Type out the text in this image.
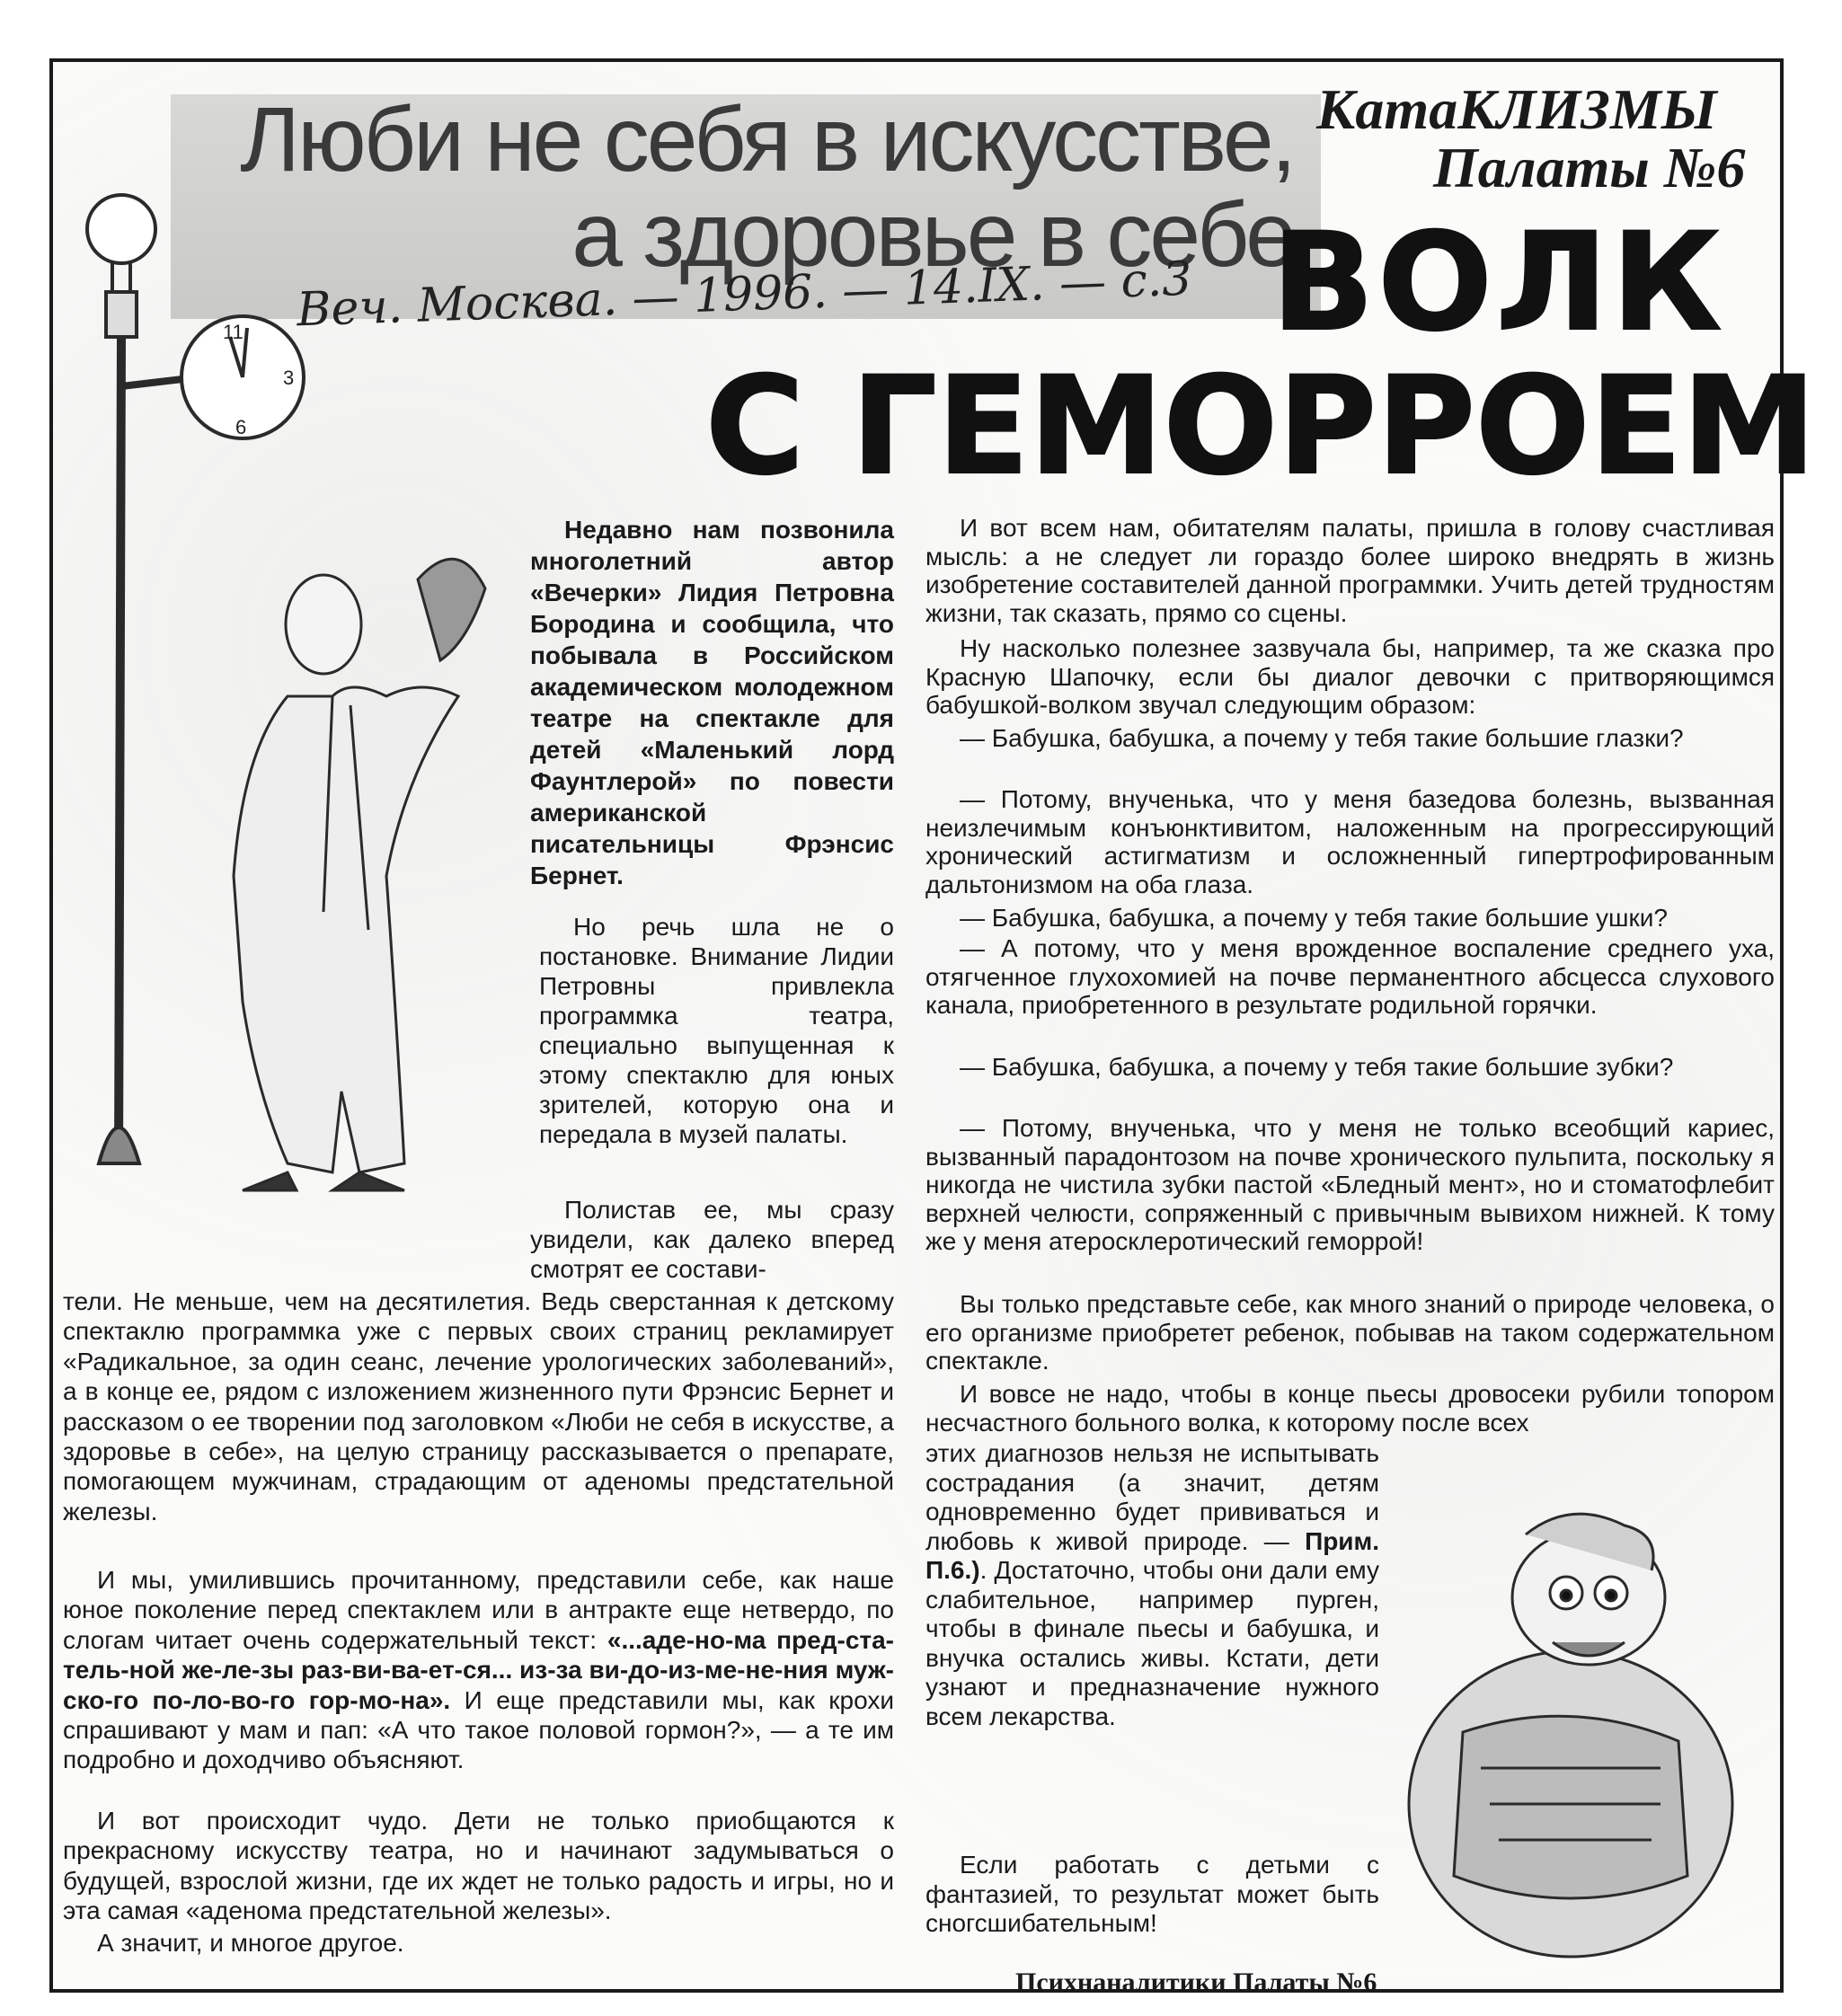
Люби не себя в искусстве,
а здоровье в себе
Веч. Москва. — 1996. — 14.IX. — с.3
КатаКЛИЗМЫ
Палаты №6
ВОЛК
С ГЕМОРРОЕМ
11
3
6

Недавно нам позвонила многолетний автор «Вечерки» Лидия Петровна Бородина и сообщила, что побывала в Российском академическом молодежном театре на спектакле для детей «Маленький лорд Фаунтлерой» по повести американской писательницы Фрэнсис Бернет.

Но речь шла не о постановке. Внимание Лидии Петровны привлекла программка театра, специально выпущенная к этому спектаклю для юных зрителей, которую она и передала в музей палаты.

Полистав ее, мы сразу увидели, как далеко вперед смотрят ее состави-

тели. Не меньше, чем на десятилетия. Ведь сверстанная к детскому спектаклю программка уже с первых своих страниц рекламирует «Радикальное, за один сеанс, лечение урологических заболеваний», а в конце ее, рядом с изложением жизненного пути Фрэнсис Бернет и рассказом о ее творении под заголовком «Люби не себя в искусстве, а здоровье в себе», на целую страницу рассказывается о препарате, помогающем мужчинам, страдающим от аденомы предстательной железы.

И мы, умилившись прочитанному, представили себе, как наше юное поколение перед спектаклем или в антракте еще нетвердо, по слогам читает очень содержательный текст: «...аде-но-ма пред-ста-тель-ной же-ле-зы раз-ви-ва-ет-ся... из-за ви-до-из-ме-не-ния муж-ско-го по-ло-во-го гор-мо-на». И еще представили мы, как крохи спрашивают у мам и пап: «А что такое половой гормон?», — а те им подробно и доходчиво объясняют.

И вот происходит чудо. Дети не только приобщаются к прекрасному искусству театра, но и начинают задумываться о будущей, взрослой жизни, где их ждет не только радость и игры, но и эта самая «аденома предстательной железы».

А значит, и многое другое.

И вот всем нам, обитателям палаты, пришла в голову счастливая мысль: а не следует ли гораздо более широко внедрять в жизнь изобретение составителей данной программки. Учить детей трудностям жизни, так сказать, прямо со сцены.

Ну насколько полезнее зазвучала бы, например, та же сказка про Красную Шапочку, если бы диалог девочки с притворяющимся бабушкой-волком звучал следующим образом:

— Бабушка, бабушка, а почему у тебя такие большие глазки?

— Потому, внученька, что у меня базедова болезнь, вызванная неизлечимым конъюнктивитом, наложенным на прогрессирующий хронический астигматизм и осложненный гипертрофированным дальтонизмом на оба глаза.

— Бабушка, бабушка, а почему у тебя такие большие ушки?

— А потому, что у меня врожденное воспаление среднего уха, отягченное глухохомией на почве перманентного абсцесса слухового канала, приобретенного в результате родильной горячки.

— Бабушка, бабушка, а почему у тебя такие большие зубки?

— Потому, внученька, что у меня не только всеобщий кариес, вызванный парадонтозом на почве хронического пульпита, поскольку я никогда не чистила зубки пастой «Бледный мент», но и стоматофлебит верхней челюсти, сопряженный с привычным вывихом нижней. К тому же у меня атеросклеротический геморрой!

Вы только представьте себе, как много знаний о природе человека, о его организме приобретет ребенок, побывав на таком содержательном спектакле.

И вовсе не надо, чтобы в конце пьесы дровосеки рубили топором несчастного больного волка, к которому после всех

этих диагнозов нельзя не испытывать сострадания (а значит, детям одновременно будет прививаться и любовь к живой природе. — Прим. П.6.). Достаточно, чтобы они дали ему слабительное, например пурген, чтобы в финале пьесы и бабушка, и внучка остались живы. Кстати, дети узнают и предназначение нужного всем лекарства.

Если работать с детьми с фантазией, то результат может быть сногсшибательным!

Психнаналитики Палаты №6
